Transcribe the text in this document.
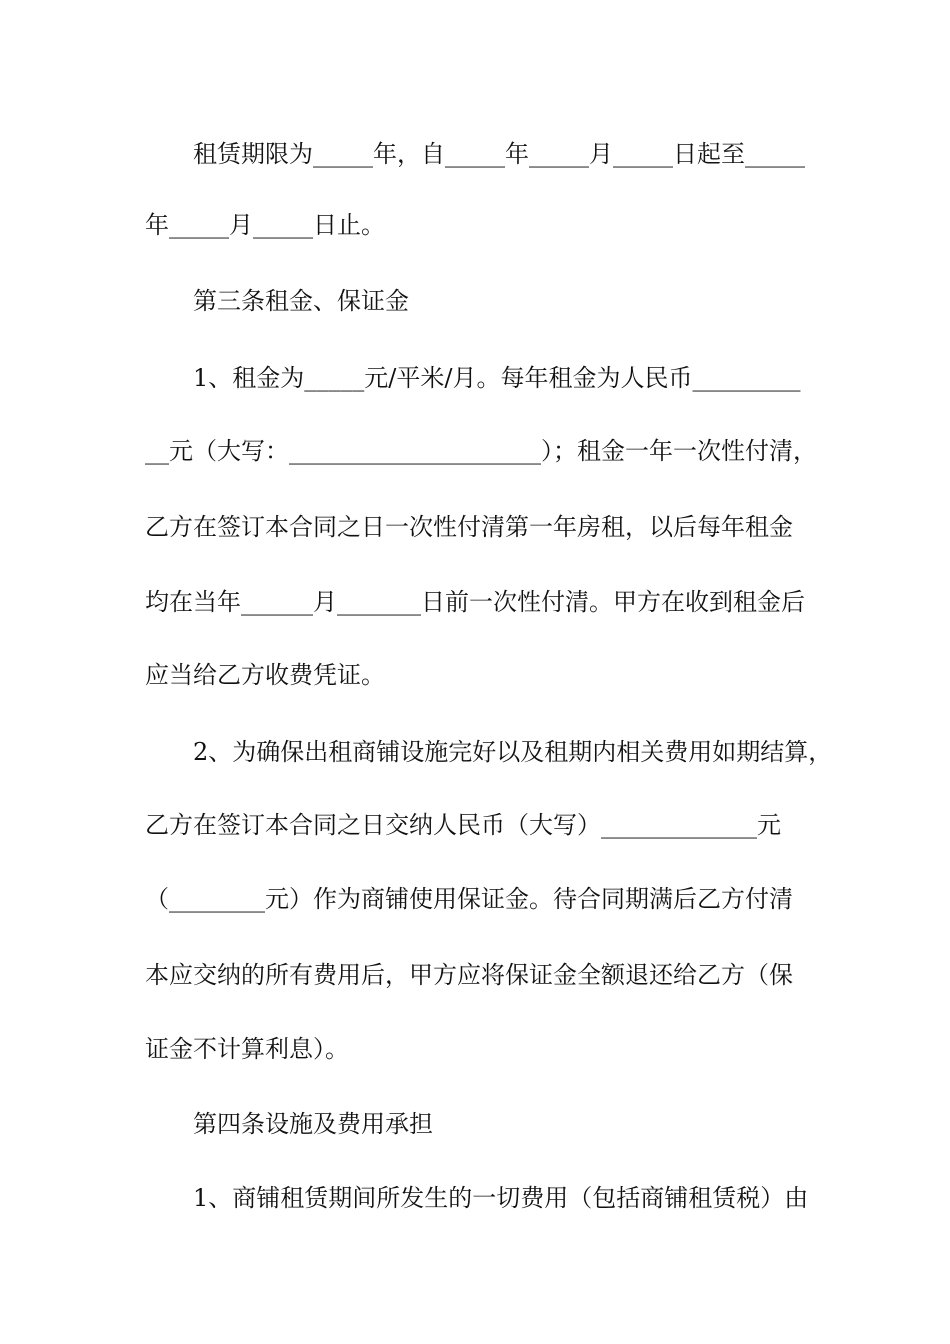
租赁期限为_____年，自_____年_____月_____日起至_____
年_____月_____日止。
第三条租金、保证金
1、租金为_____元/平米/月。每年租金为人民币_________
__元（大写：_____________________）；租金一年一次性付清，
乙方在签订本合同之日一次性付清第一年房租，以后每年租金
均在当年______月_______日前一次性付清。甲方在收到租金后
应当给乙方收费凭证。
2、为确保出租商铺设施完好以及租期内相关费用如期结算，
乙方在签订本合同之日交纳人民币（大写）_____________元
（________元）作为商铺使用保证金。待合同期满后乙方付清
本应交纳的所有费用后，甲方应将保证金全额退还给乙方（保
证金不计算利息）。
第四条设施及费用承担
1、商铺租赁期间所发生的一切费用（包括商铺租赁税）由
